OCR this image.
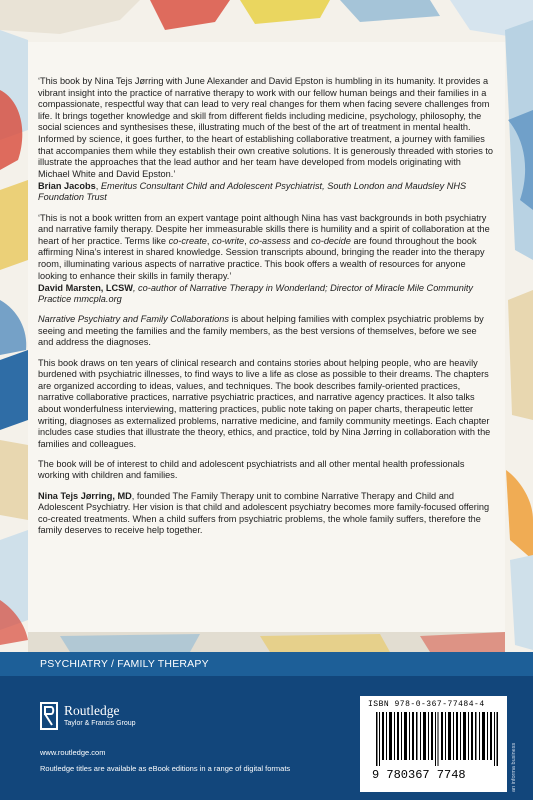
‘This book by Nina Tejs Jørring with June Alexander and David Epston is humbling in its humanity. It provides a vibrant insight into the practice of narrative therapy to work with our fellow human beings and their families in a compassionate, respectful way that can lead to very real changes for them when facing severe challenges from life. It brings together knowledge and skill from different fields including medicine, psychology, philosophy, the social sciences and synthesises these, illustrating much of the best of the art of treatment in mental health. Informed by science, it goes further, to the heart of establishing collaborative treatment, a journey with families that accompanies them while they establish their own creative solutions. It is generously threaded with stories to illustrate the approaches that the lead author and her team have developed from models originating with Michael White and David Epston.’

Brian Jacobs, Emeritus Consultant Child and Adolescent Psychiatrist, South London and Maudsley NHS Foundation Trust

‘This is not a book written from an expert vantage point although Nina has vast backgrounds in both psychiatry and narrative family therapy. Despite her immeasurable skills there is humility and a spirit of collaboration at the heart of her practice. Terms like co-create, co-write, co-assess and co-decide are found throughout the book affirming Nina’s interest in shared knowledge. Session transcripts abound, bringing the reader into the therapy room, illuminating various aspects of narrative practice. This book offers a wealth of resources for anyone looking to enhance their skills in family therapy.’

David Marsten, LCSW, co-author of Narrative Therapy in Wonderland; Director of Miracle Mile Community Practice mmcpla.org

Narrative Psychiatry and Family Collaborations is about helping families with complex psychiatric problems by seeing and meeting the families and the family members, as the best versions of themselves, before we see and address the diagnoses.

This book draws on ten years of clinical research and contains stories about helping people, who are heavily burdened with psychiatric illnesses, to find ways to live a life as close as possible to their dreams. The chapters are organized according to ideas, values, and techniques. The book describes family-oriented practices, narrative collaborative practices, narrative psychiatric practices, and narrative agency practices. It also talks about wonderfulness interviewing, mattering practices, public note taking on paper charts, therapeutic letter writing, diagnoses as externalized problems, narrative medicine, and family community meetings. Each chapter includes case studies that illustrate the theory, ethics, and practice, told by Nina Jørring in collaboration with the families and colleagues.

The book will be of interest to child and adolescent psychiatrists and all other mental health professionals working with children and families.

Nina Tejs Jørring, MD, founded The Family Therapy unit to combine Narrative Therapy and Child and Adolescent Psychiatry. Her vision is that child and adolescent psychiatry becomes more family-focused offering co-created treatments. When a child suffers from psychiatric problems, the whole family suffers, therefore the family deserves to receive help together.

PSYCHIATRY / FAMILY THERAPY
Routledge
Taylor & Francis Group
www.routledge.com
Routledge titles are available as eBook editions in a range of digital formats
ISBN 978-0-367-77484-4
9 780367 7748	an informa business
